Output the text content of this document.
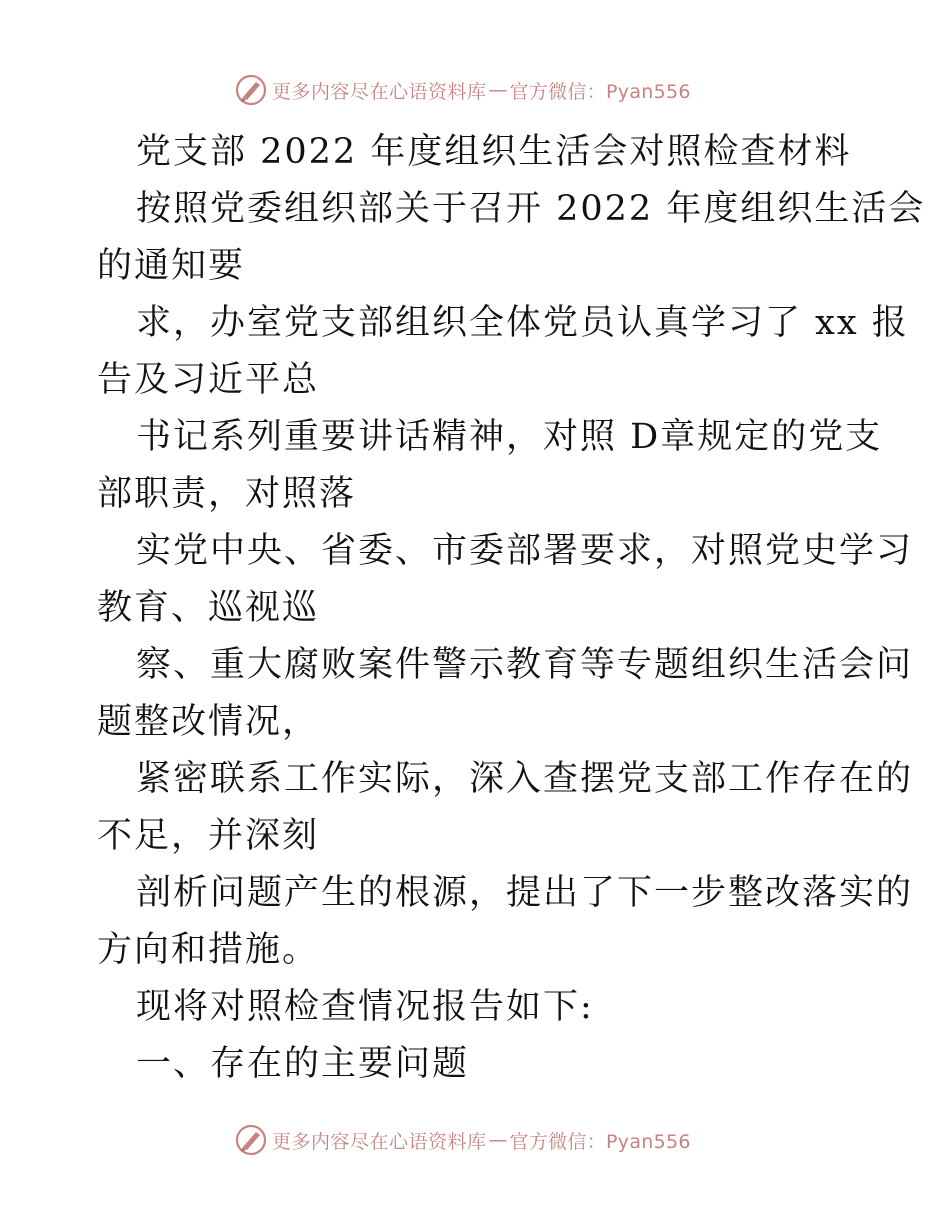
更多内容尽在心语资料库 — 官方微信：Pyan556
党支部 2022 年度组织生活会对照检查材料
按照党委组织部关于召开 2022 年度组织生活会
的通知要
求，办室党支部组织全体党员认真学习了 xx 报
告及习近平总
书记系列重要讲话精神，对照 D章规定的党支
部职责，对照落
实党中央、省委、市委部署要求，对照党史学习
教育、巡视巡
察、重大腐败案件警示教育等专题组织生活会问
题整改情况，
紧密联系工作实际，深入查摆党支部工作存在的
不足，并深刻
剖析问题产生的根源，提出了下一步整改落实的
方向和措施。
现将对照检查情况报告如下:
一、存在的主要问题
更多内容尽在心语资料库 — 官方微信：Pyan556
